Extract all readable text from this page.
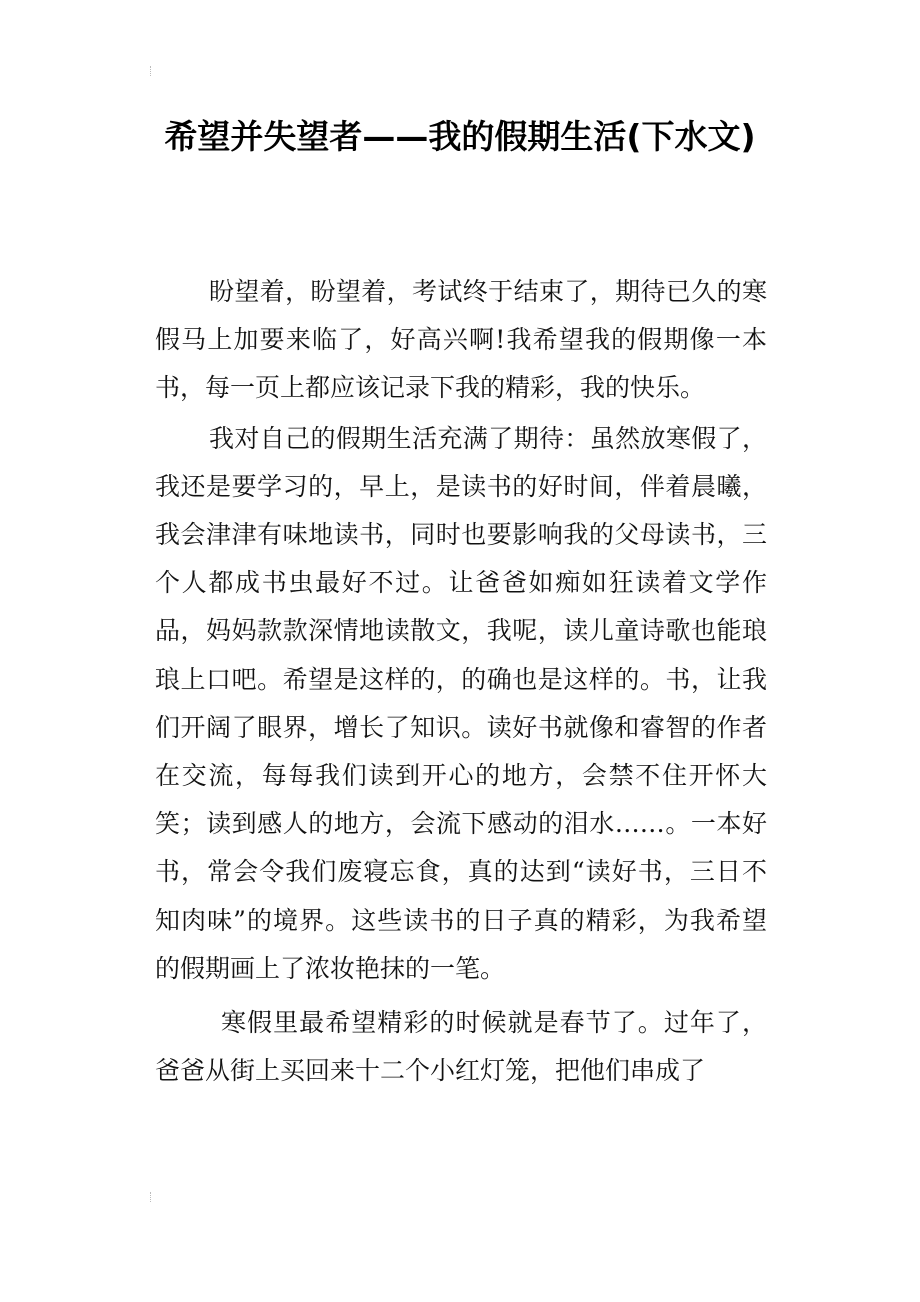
希望并失望者——我的假期生活(下水文)

盼望着，盼望着，考试终于结束了，期待已久的寒假马上加要来临了，好高兴啊!我希望我的假期像一本书，每一页上都应该记录下我的精彩，我的快乐。

我对自己的假期生活充满了期待：虽然放寒假了，我还是要学习的，早上，是读书的好时间，伴着晨曦，我会津津有味地读书，同时也要影响我的父母读书，三个人都成书虫最好不过。让爸爸如痴如狂读着文学作品，妈妈款款深情地读散文，我呢，读儿童诗歌也能琅琅上口吧。希望是这样的，的确也是这样的。书，让我们开阔了眼界，增长了知识。读好书就像和睿智的作者在交流，每每我们读到开心的地方，会禁不住开怀大笑；读到感人的地方，会流下感动的泪水……。一本好书，常会令我们废寝忘食，真的达到“读好书，三日不知肉味”的境界。这些读书的日子真的精彩，为我希望的假期画上了浓妆艳抹的一笔。

寒假里最希望精彩的时候就是春节了。过年了，爸爸从街上买回来十二个小红灯笼，把他们串成了
